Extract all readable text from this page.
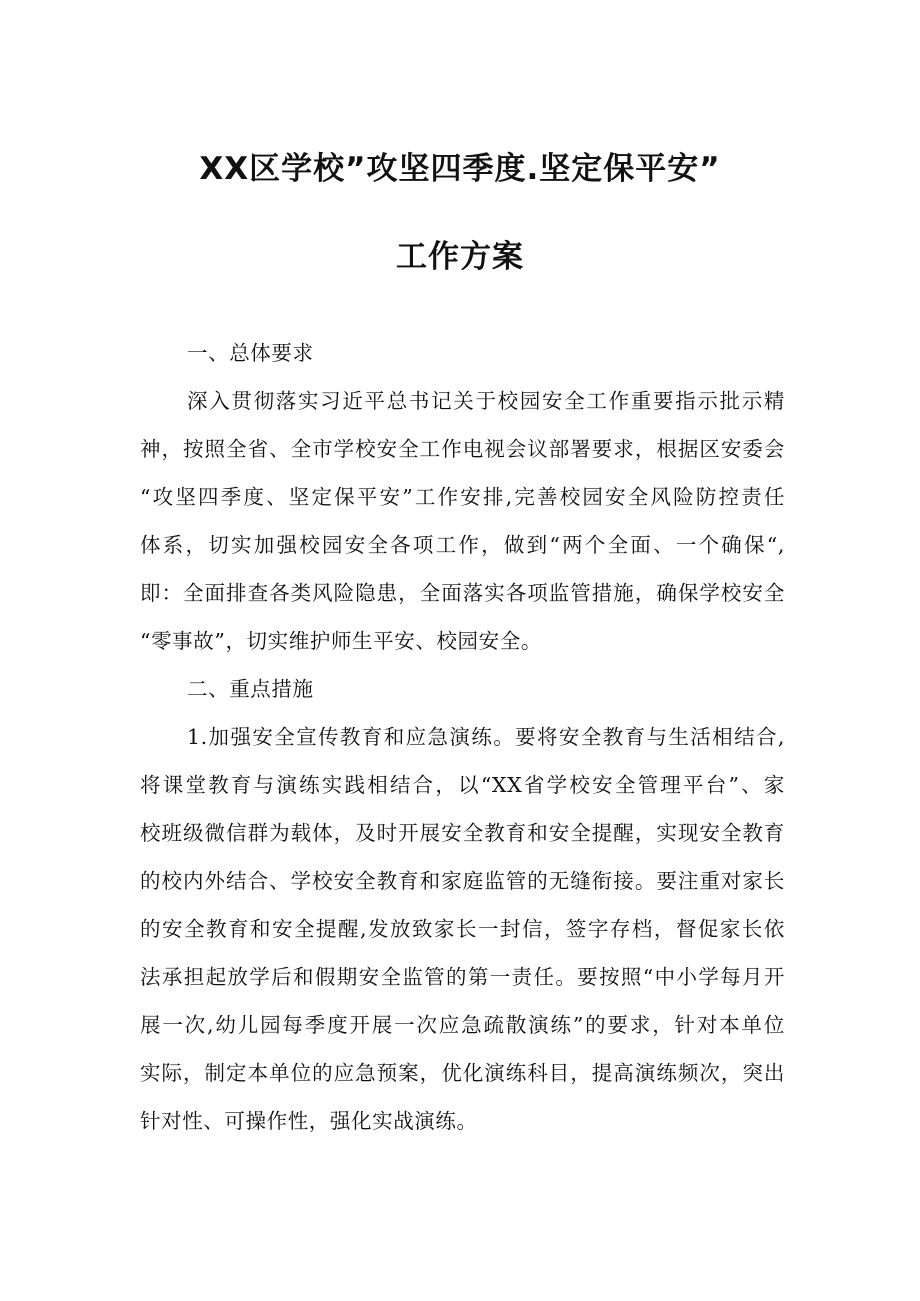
XX区学校”攻坚四季度.坚定保平安”
工作方案
一、总体要求
深入贯彻落实习近平总书记关于校园安全工作重要指示批示精
神，按照全省、全市学校安全工作电视会议部署要求，根据区安委会
“攻坚四季度、坚定保平安”工作安排,完善校园安全风险防控责任
体系，切实加强校园安全各项工作，做到“两个全面、一个确保“,
即：全面排查各类风险隐患，全面落实各项监管措施，确保学校安全
“零事故”，切实维护师生平安、校园安全。
二、重点措施
1.加强安全宣传教育和应急演练。要将安全教育与生活相结合,
将课堂教育与演练实践相结合，以“XX省学校安全管理平台”、家
校班级微信群为载体，及时开展安全教育和安全提醒，实现安全教育
的校内外结合、学校安全教育和家庭监管的无缝衔接。要注重对家长
的安全教育和安全提醒,发放致家长一封信，签字存档，督促家长依
法承担起放学后和假期安全监管的第一责任。要按照“中小学每月开
展一次,幼儿园每季度开展一次应急疏散演练”的要求，针对本单位
实际，制定本单位的应急预案，优化演练科目，提高演练频次，突出
针对性、可操作性，强化实战演练。
